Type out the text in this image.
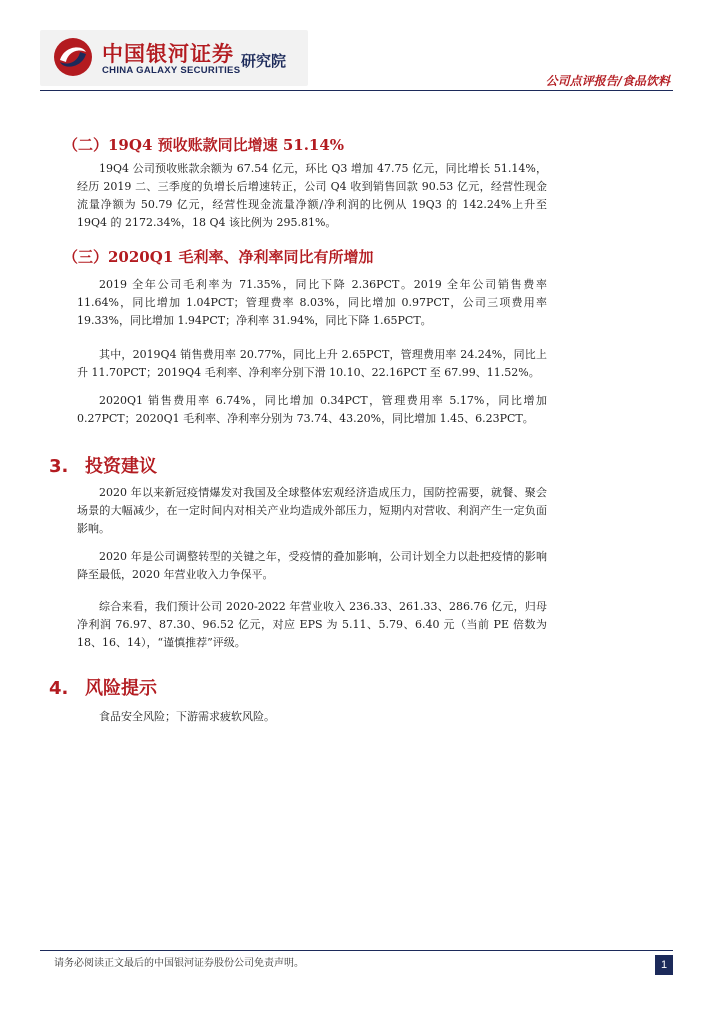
中国银河证券
CHINA GALAXY SECURITIES
研究院
公司点评报告/食品饮料
（二）19Q4 预收账款同比增速 51.14%
19Q4 公司预收账款余额为 67.54 亿元，环比 Q3 增加 47.75 亿元，同比增长 51.14%，经历 2019 二、三季度的负增长后增速转正，公司 Q4 收到销售回款 90.53 亿元，经营性现金流量净额为 50.79 亿元，经营性现金流量净额/净利润的比例从 19Q3 的 142.24%上升至 19Q4 的 2172.34%，18 Q4 该比例为 295.81%。
（三）2020Q1 毛利率、净利率同比有所增加
2019 全年公司毛利率为 71.35%，同比下降 2.36PCT。2019 全年公司销售费率 11.64%，同比增加 1.04PCT；管理费率 8.03%，同比增加 0.97PCT，公司三项费用率 19.33%，同比增加 1.94PCT；净利率 31.94%，同比下降 1.65PCT。
其中，2019Q4 销售费用率 20.77%，同比上升 2.65PCT，管理费用率 24.24%，同比上升 11.70PCT；2019Q4 毛利率、净利率分别下滑 10.10、22.16PCT 至 67.99、11.52%。
2020Q1 销售费用率 6.74%，同比增加 0.34PCT，管理费用率 5.17%，同比增加 0.27PCT；2020Q1 毛利率、净利率分别为 73.74、43.20%，同比增加 1.45、6.23PCT。
3. 投资建议
2020 年以来新冠疫情爆发对我国及全球整体宏观经济造成压力，国防控需要，就餐、聚会场景的大幅减少，在一定时间内对相关产业均造成外部压力，短期内对营收、利润产生一定负面影响。
2020 年是公司调整转型的关键之年，受疫情的叠加影响，公司计划全力以赴把疫情的影响降至最低，2020 年营业收入力争保平。
综合来看，我们预计公司 2020-2022 年营业收入 236.33、261.33、286.76 亿元，归母净利润 76.97、87.30、96.52 亿元，对应 EPS 为 5.11、5.79、6.40 元（当前 PE 倍数为 18、16、14），“谨慎推荐”评级。
4. 风险提示
食品安全风险；下游需求疲软风险。
请务必阅读正文最后的中国银河证券股份公司免责声明。	1
